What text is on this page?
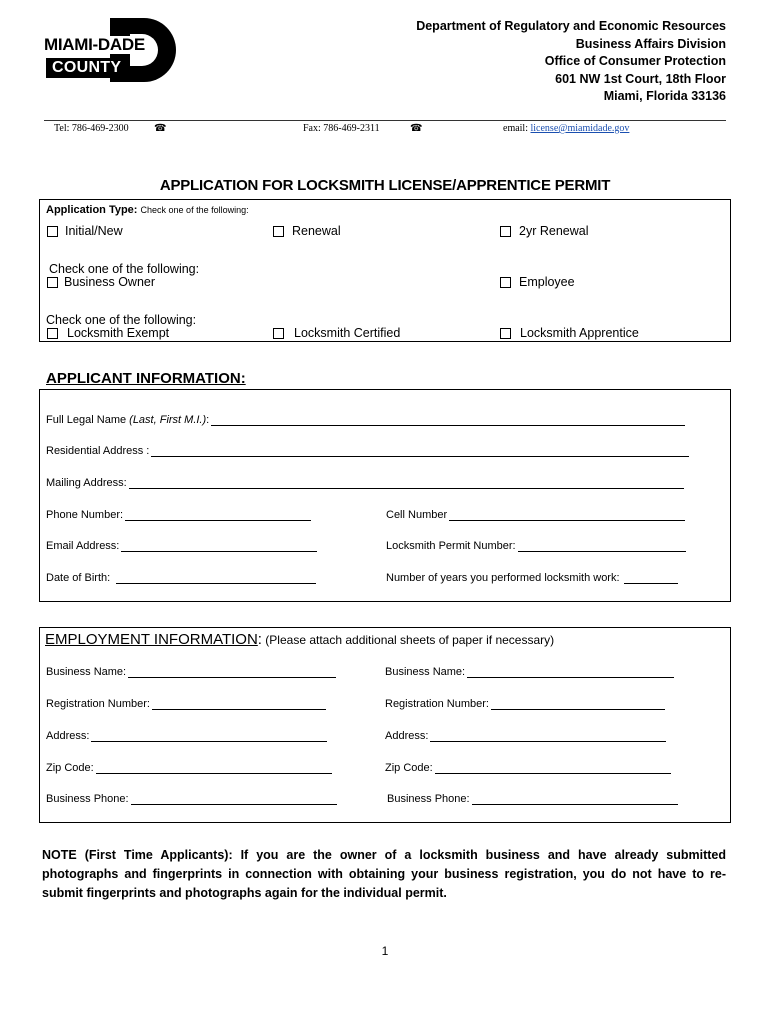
MIAMI-DADE
COUNTY
Department of Regulatory and Economic Resources
Business Affairs Division
Office of Consumer Protection
601 NW 1st Court, 18th Floor
Miami, Florida 33136
Tel: 786-469-2300	☎	Fax: 786-469-2311	☎	email: license@miamidade.gov
APPLICATION FOR LOCKSMITH LICENSE/APPRENTICE PERMIT
Application Type: Check one of the following:
Initial/New	Renewal	2yr Renewal
Check one of the following:
Business Owner	Employee
Check one of the following:
Locksmith Exempt	Locksmith Certified	Locksmith Apprentice
APPLICANT INFORMATION:
Full Legal Name (Last, First M.I.):
Residential Address :
Mailing Address:
Phone Number:	Cell Number
Email Address:	Locksmith Permit Number:
Date of Birth:	Number of years you performed locksmith work:
EMPLOYMENT INFORMATION: (Please attach additional sheets of paper if necessary)
Business Name:	Business Name:
Registration Number:	Registration Number:
Address:	Address:
Zip Code:	Zip Code:
Business Phone:	Business Phone:
NOTE (First Time Applicants): If you are the owner of a locksmith business and have already submitted photographs and fingerprints in connection with obtaining your business registration, you do not have to re-submit fingerprints and photographs again for the individual permit.
1
